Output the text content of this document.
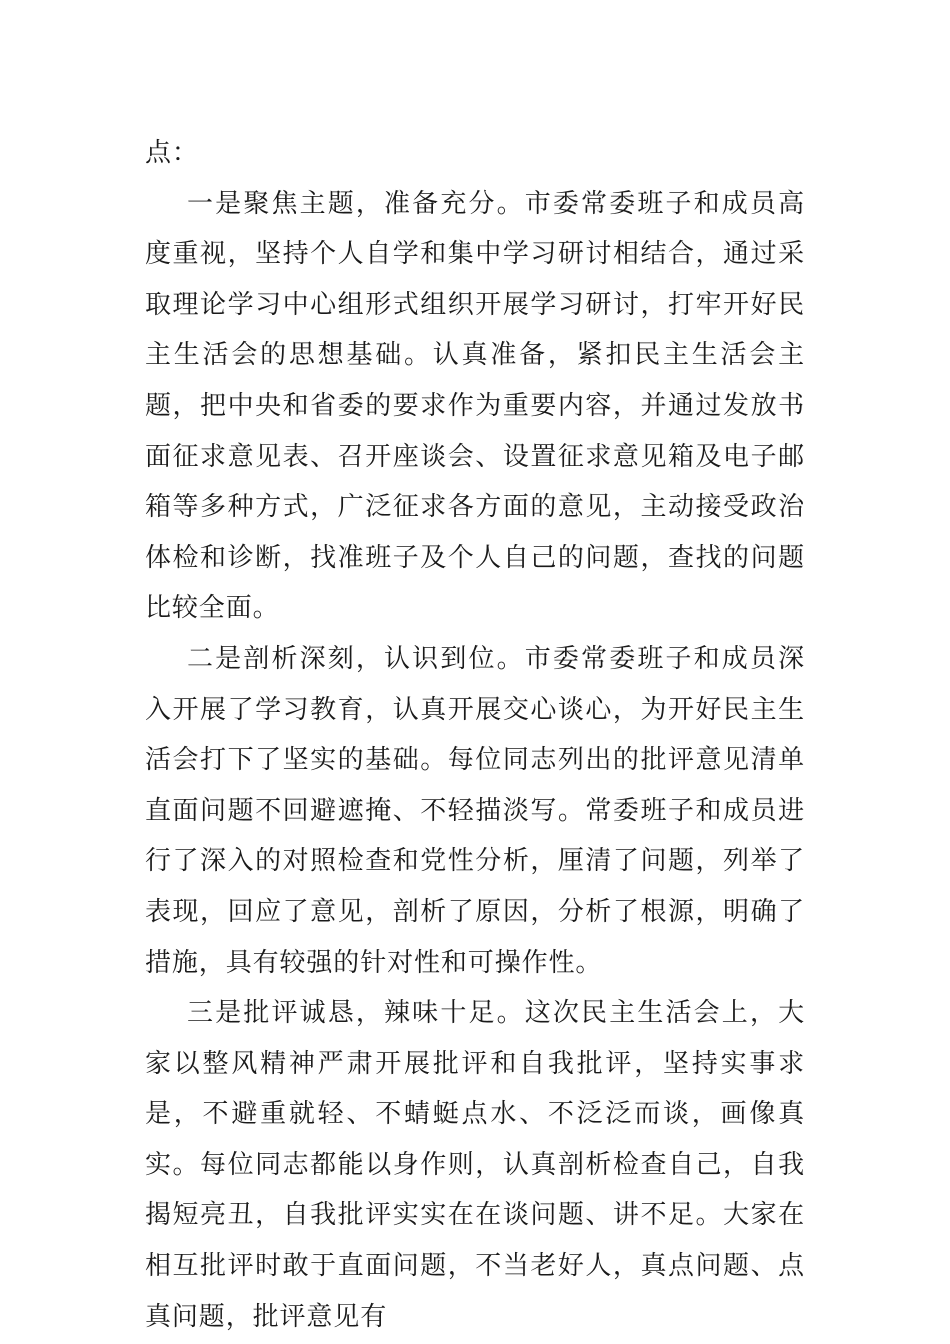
点：

一是聚焦主题，准备充分。市委常委班子和成员高度重视，坚持个人自学和集中学习研讨相结合，通过采取理论学习中心组形式组织开展学习研讨，打牢开好民主生活会的思想基础。认真准备，紧扣民主生活会主题，把中央和省委的要求作为重要内容，并通过发放书面征求意见表、召开座谈会、设置征求意见箱及电子邮箱等多种方式，广泛征求各方面的意见，主动接受政治体检和诊断，找准班子及个人自己的问题，查找的问题比较全面。

二是剖析深刻，认识到位。市委常委班子和成员深入开展了学习教育，认真开展交心谈心，为开好民主生活会打下了坚实的基础。每位同志列出的批评意见清单直面问题不回避遮掩、不轻描淡写。常委班子和成员进行了深入的对照检查和党性分析，厘清了问题，列举了表现，回应了意见，剖析了原因，分析了根源，明确了措施，具有较强的针对性和可操作性。

三是批评诚恳，辣味十足。这次民主生活会上，大家以整风精神严肃开展批评和自我批评，坚持实事求是，不避重就轻、不蜻蜓点水、不泛泛而谈，画像真实。每位同志都能以身作则，认真剖析检查自己，自我揭短亮丑，自我批评实实在在谈问题、讲不足。大家在相互批评时敢于直面问题，不当老好人，真点问题、点真问题，批评意见有
